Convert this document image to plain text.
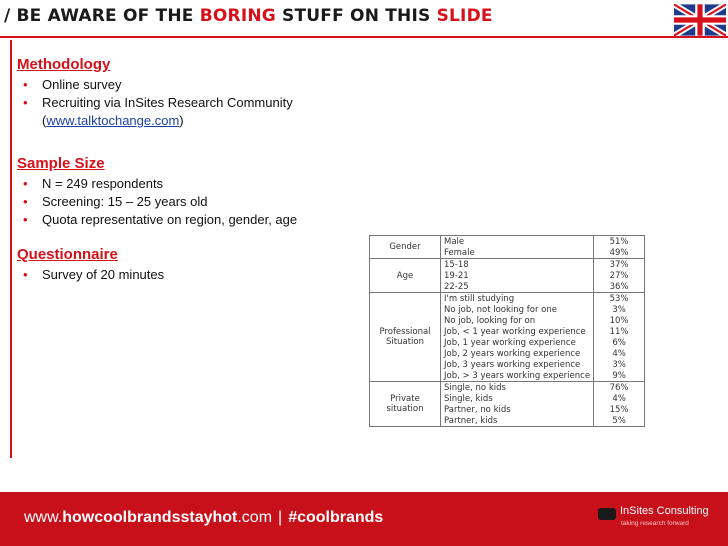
/ BE AWARE OF THE BORING STUFF ON THIS SLIDE
Methodology
• Online survey
• Recruiting via InSites Research Community
(www.talktochange.com)
Sample Size
• N = 249 respondents
• Screening: 15 – 25 years old
• Quota representative on region, gender, age
Questionnaire
• Survey of 20 minutes
Gender	Male	51%
	Female	49%
Age	15-18	37%
	19-21	27%
	22-25	36%
Professional Situation	I'm still studying	53%
	No job, not looking for one	3%
	No job, looking for on	10%
	Job, < 1 year working experience	11%
	Job, 1 year working experience	6%
	Job, 2 years working experience	4%
	Job, 3 years working experience	3%
	Job, > 3 years working experience	9%
Private situation	Single, no kids	76%
	Single, kids	4%
	Partner, no kids	15%
	Partner, kids	5%
www.howcoolbrandsstayhot.com | #coolbrands	InSites Consulting
taking research forward
